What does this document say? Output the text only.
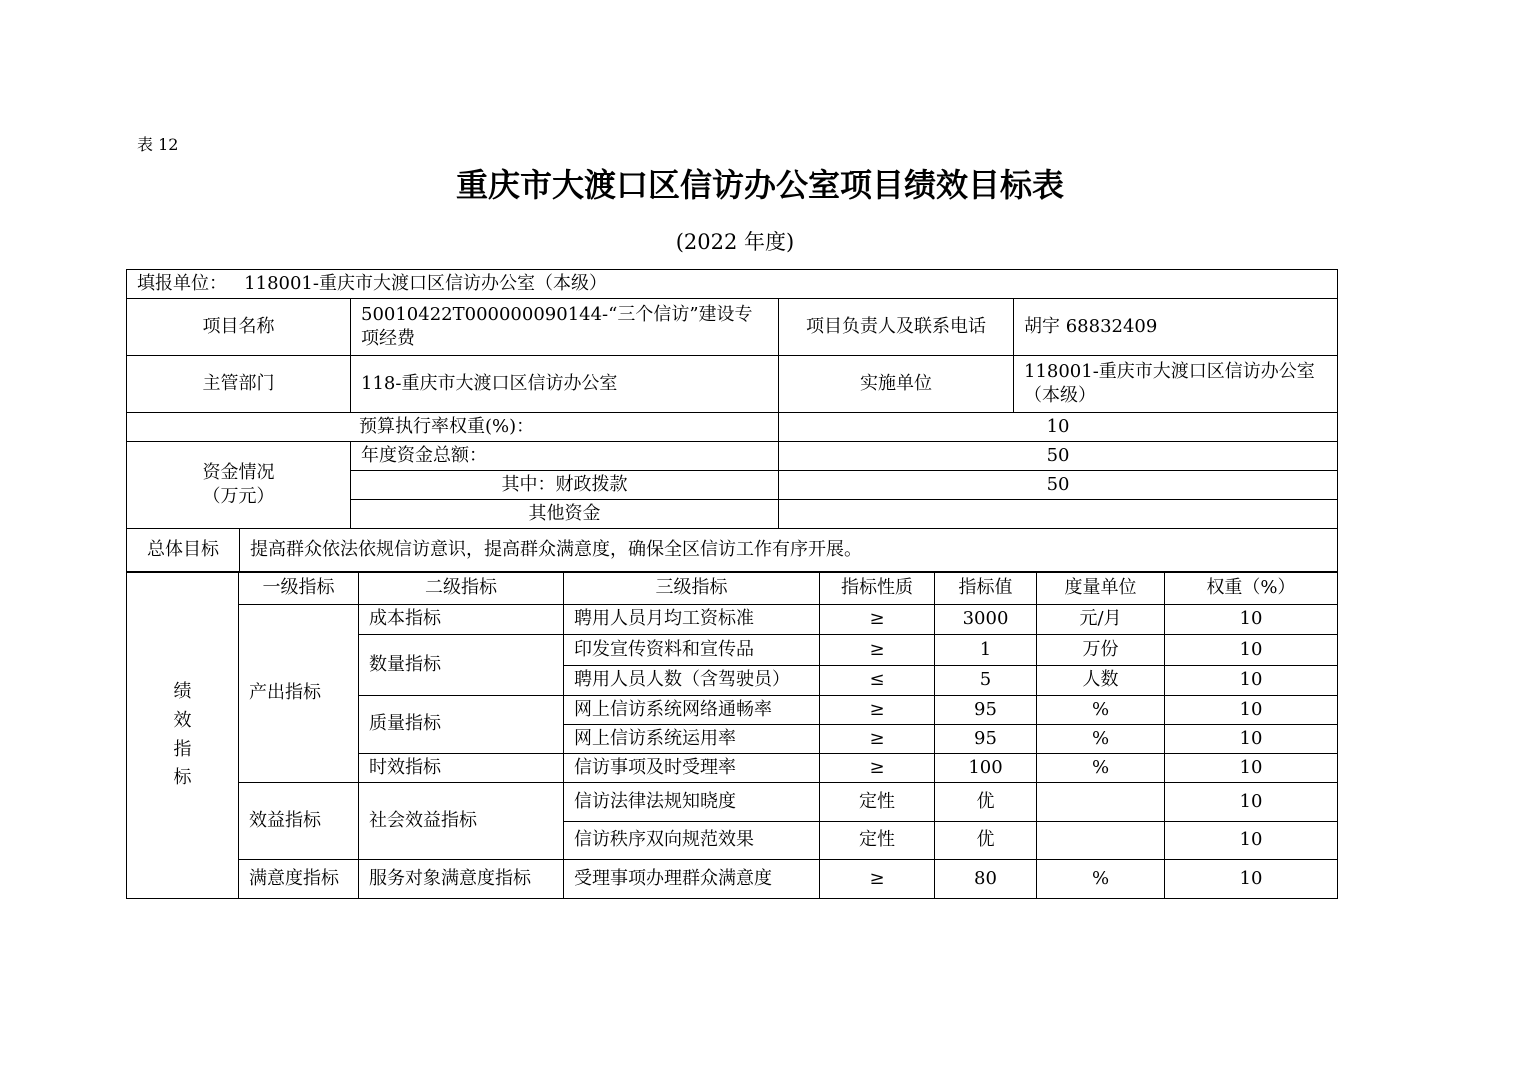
表 12
重庆市大渡口区信访办公室项目绩效目标表
(2022 年度)
填报单位： 118001-重庆市大渡口区信访办公室（本级）			
项目名称	50010422T000000090144-“三个信访”建设专项经费	项目负责人及联系电话	胡宇 68832409
主管部门	118-重庆市大渡口区信访办公室	实施单位	118001-重庆市大渡口区信访办公室（本级）
预算执行率权重(%)：		10	

资金情况
（万元）	年度资金总额：	50	
	其中：财政拨款	50	
	其他资金		
总体目标 提高群众依法依规信访意识，提高群众满意度，确保全区信访工作有序开展。			
绩
效
指
标	一级指标	二级指标	三级指标	指标性质	指标值	度量单位	权重（%）
	产出指标	成本指标	聘用人员月均工资标准	≥	3000	元/月	10
		数量指标	印发宣传资料和宣传品	≥	1	万份	10
			聘用人员人数（含驾驶员）	≤	5	人数	10
		质量指标	网上信访系统网络通畅率	≥	95	%	10
			网上信访系统运用率	≥	95	%	10
		时效指标	信访事项及时受理率	≥	100	%	10
	效益指标	社会效益指标	信访法律法规知晓度	定性	优		10
			信访秩序双向规范效果	定性	优		10
	满意度指标	服务对象满意度指标	受理事项办理群众满意度	≥	80	%	10
